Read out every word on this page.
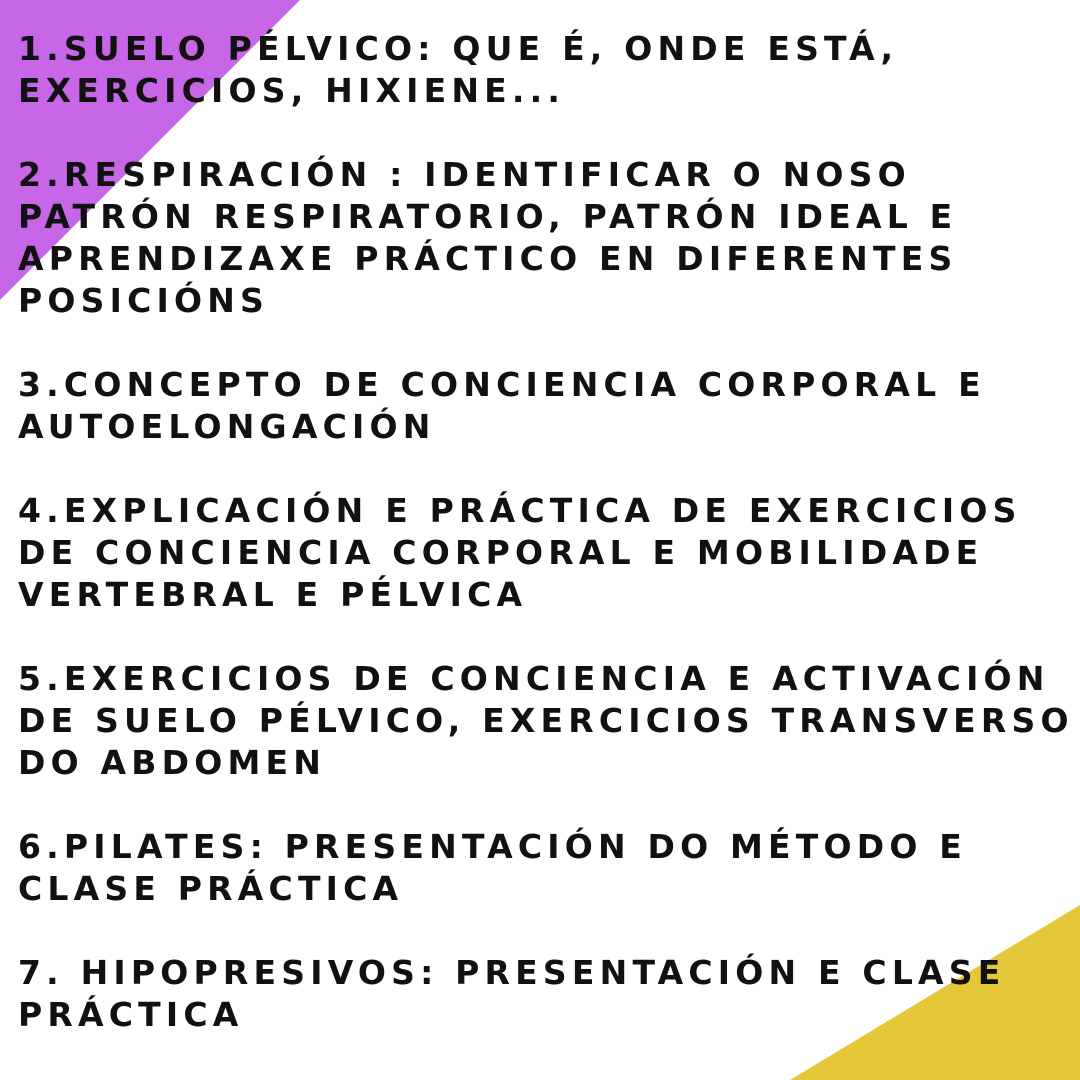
1.SUELO PÉLVICO: QUE É, ONDE ESTÁ,
EXERCICIOS, HIXIENE...
2.RESPIRACIÓN : IDENTIFICAR O NOSO
PATRÓN RESPIRATORIO, PATRÓN IDEAL E
APRENDIZAXE PRÁCTICO EN DIFERENTES
POSICIÓNS
3.CONCEPTO DE CONCIENCIA CORPORAL E
AUTOELONGACIÓN
4.EXPLICACIÓN E PRÁCTICA DE EXERCICIOS
DE CONCIENCIA CORPORAL E MOBILIDADE
VERTEBRAL E PÉLVICA
5.EXERCICIOS DE CONCIENCIA E ACTIVACIÓN
DE SUELO PÉLVICO, EXERCICIOS TRANSVERSO
DO ABDOMEN
6.PILATES: PRESENTACIÓN DO MÉTODO E
CLASE PRÁCTICA
7. HIPOPRESIVOS: PRESENTACIÓN E CLASE
PRÁCTICA
